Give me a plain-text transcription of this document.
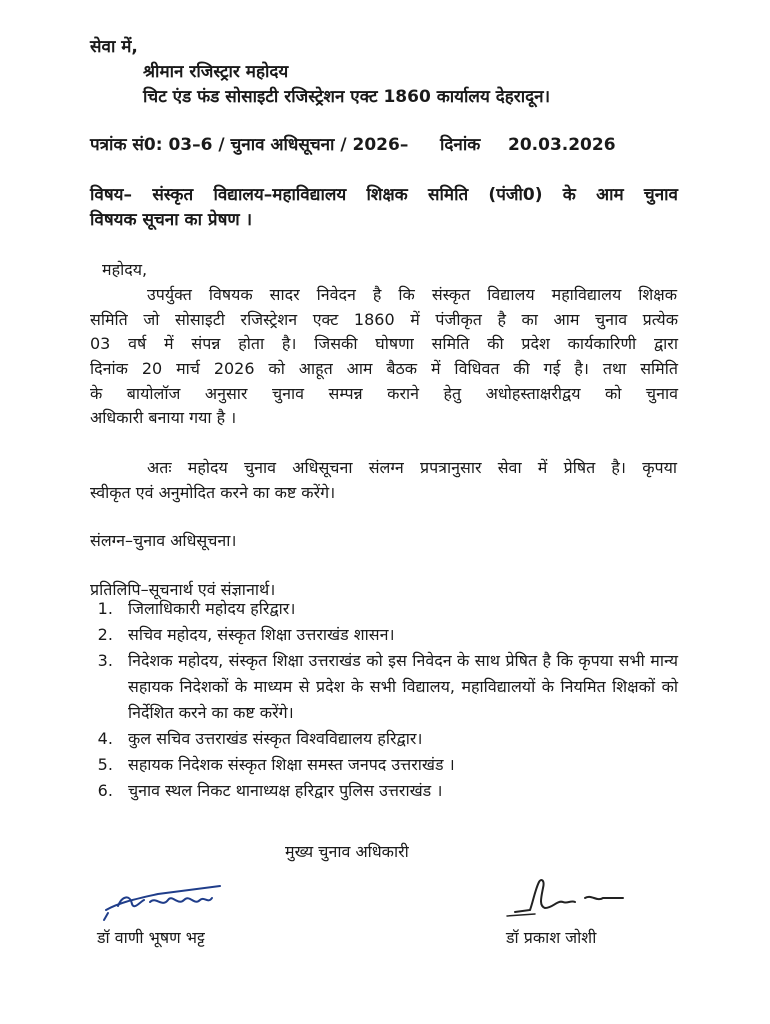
सेवा में,
श्रीमान रजिस्ट्रार महोदय
चिट एंड फंड सोसाइटी रजिस्ट्रेशन एक्ट 1860 कार्यालय देहरादून।
पत्रांक सं0: 03–6 / चुनाव अधिसूचना / 2026– दिनांक 20.03.2026
विषय– संस्कृत विद्यालय–महाविद्यालय शिक्षक समिति (पंजी0) के आम चुनाव
विषयक सूचना का प्रेषण ।
महोदय,
उपर्युक्त विषयक सादर निवेदन है कि संस्कृत विद्यालय महाविद्यालय शिक्षक
समिति जो सोसाइटी रजिस्ट्रेशन एक्ट 1860 में पंजीकृत है का आम चुनाव प्रत्येक
03 वर्ष में संपन्न होता है। जिसकी घोषणा समिति की प्रदेश कार्यकारिणी द्वारा
दिनांक 20 मार्च 2026 को आहूत आम बैठक में विधिवत की गई है। तथा समिति
के बायोलॉज अनुसार चुनाव सम्पन्न कराने हेतु अधोहस्ताक्षरीद्वय को चुनाव
अधिकारी बनाया गया है ।
अतः महोदय चुनाव अधिसूचना संलग्न प्रपत्रानुसार सेवा में प्रेषित है। कृपया
स्वीकृत एवं अनुमोदित करने का कष्ट करेंगे।
संलग्न–चुनाव अधिसूचना।
प्रतिलिपि–सूचनार्थ एवं संज्ञानार्थ।
1. जिलाधिकारी महोदय हरिद्वार।
2. सचिव महोदय, संस्कृत शिक्षा उत्तराखंड शासन।
3. निदेशक महोदय, संस्कृत शिक्षा उत्तराखंड को इस निवेदन के साथ प्रेषित है कि कृपया सभी मान्य सहायक निदेशकों के माध्यम से प्रदेश के सभी विद्यालय, महाविद्यालयों के नियमित शिक्षकों को निर्देशित करने का कष्ट करेंगे।
4. कुल सचिव उत्तराखंड संस्कृत विश्वविद्यालय हरिद्वार।
5. सहायक निदेशक संस्कृत शिक्षा समस्त जनपद उत्तराखंड ।
6. चुनाव स्थल निकट थानाध्यक्ष हरिद्वार पुलिस उत्तराखंड ।
मुख्य चुनाव अधिकारी
डॉ वाणी भूषण भट्ट	डॉ प्रकाश जोशी
